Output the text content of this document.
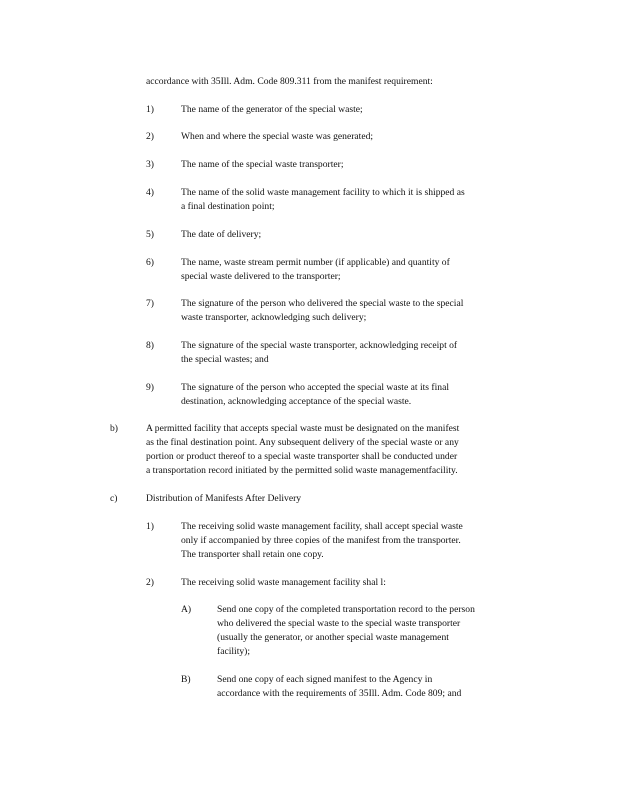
accordance with 35Ill. Adm. Code 809.311 from the manifest requirement:
1)	The name of the generator of the special waste;
2)	When and where the special waste was generated;
3)	The name of the special waste transporter;
4)	The name of the solid waste management facility to which it is shipped as
a final destination point;
5)	The date of delivery;
6)	The name, waste stream permit number (if applicable) and quantity of
special waste delivered to the transporter;
7)	The signature of the person who delivered the special waste to the special
waste transporter, acknowledging such delivery;
8)	The signature of the special waste transporter, acknowledging receipt of
the special wastes; and
9)	The signature of the person who accepted the special waste at its final
destination, acknowledging acceptance of the special waste.
b)	A permitted facility that accepts special waste must be designated on the manifest
as the final destination point. Any subsequent delivery of the special waste or any
portion or product thereof to a special waste transporter shall be conducted under
a transportation record initiated by the permitted solid waste managementfacility.
c)	Distribution of Manifests After Delivery
1)	The receiving solid waste management facility, shall accept special waste
only if accompanied by three copies of the manifest from the transporter.
The transporter shall retain one copy.
2)	The receiving solid waste management facility shal l:
A)	Send one copy of the completed transportation record to the person
who delivered the special waste to the special waste transporter
(usually the generator, or another special waste management
facility);
B)	Send one copy of each signed manifest to the Agency in
accordance with the requirements of 35Ill. Adm. Code 809; and
